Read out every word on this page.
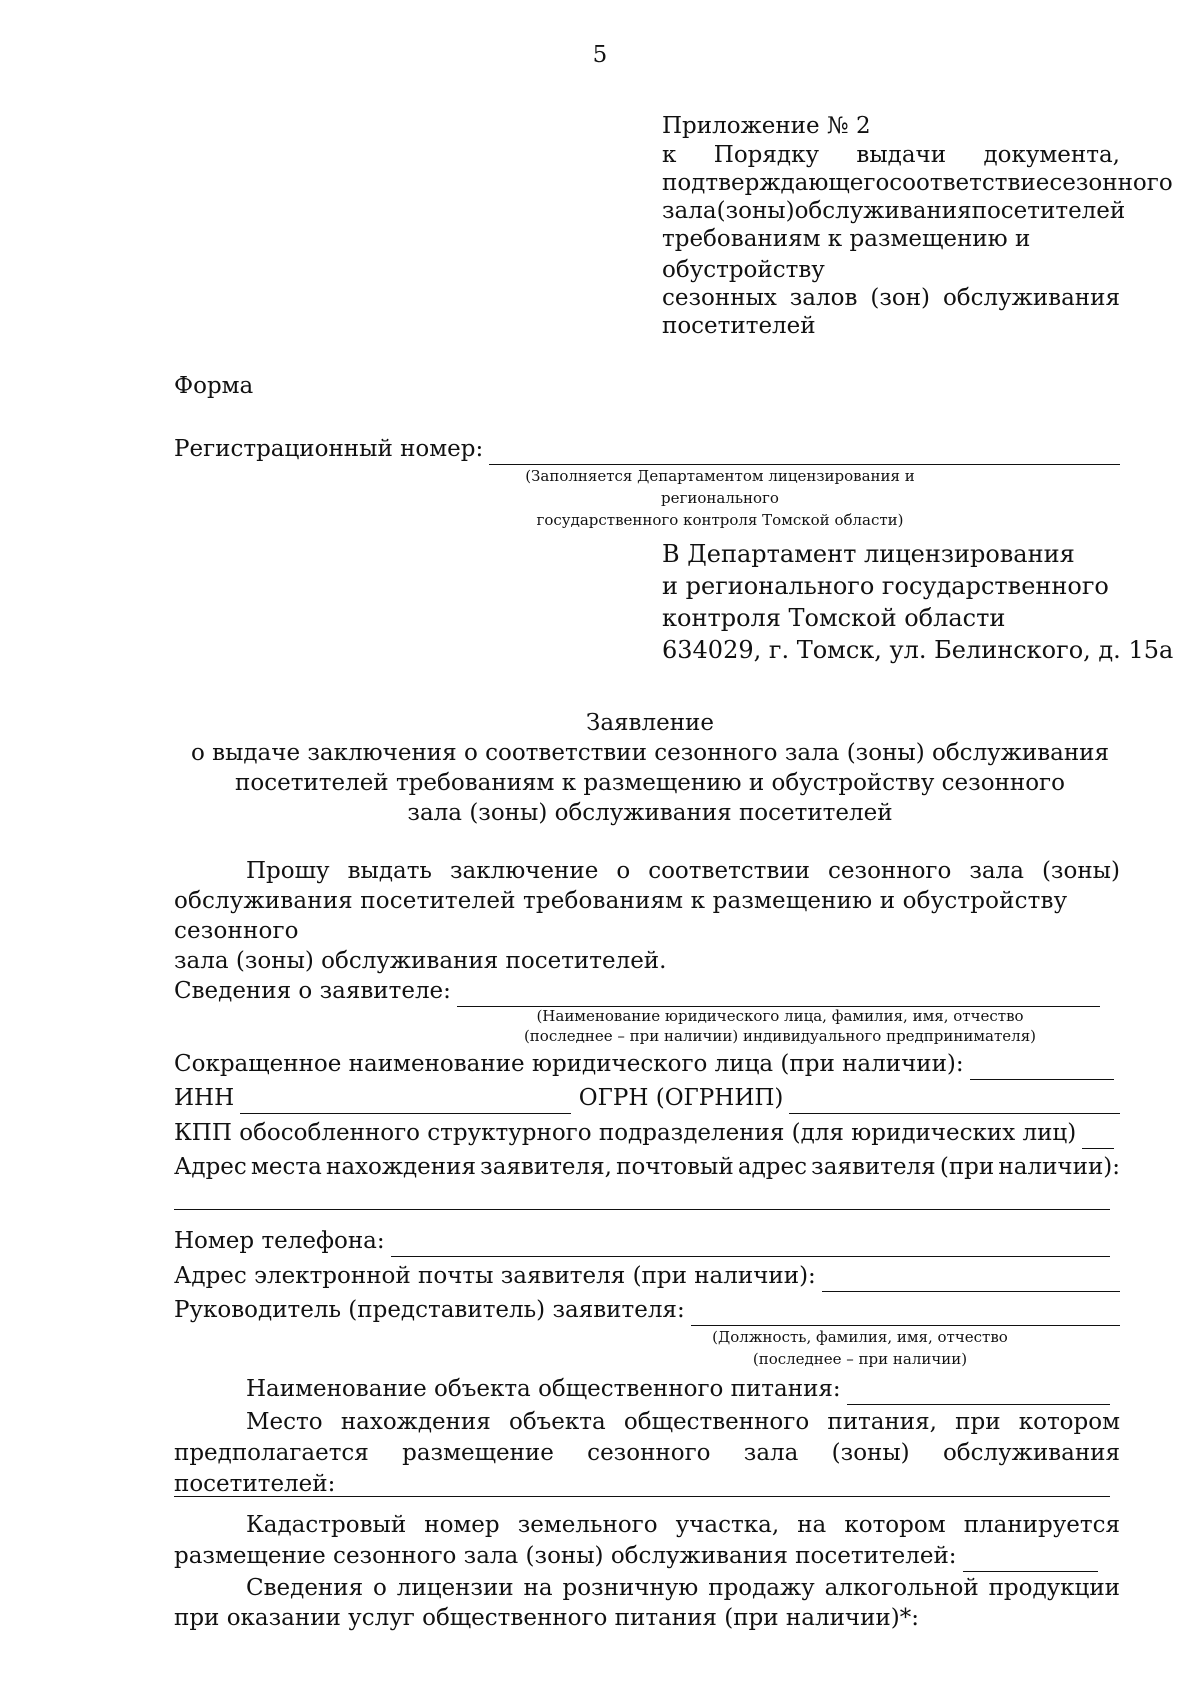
5
Приложение № 2
к Порядку выдачи документа,
подтверждающего соответствие сезонного
зала (зоны) обслуживания посетителей
требованиям к размещению и обустройству
сезонных залов (зон) обслуживания
посетителей
Форма
Регистрационный номер:
(Заполняется Департаментом лицензирования и регионального
государственного контроля Томской области)
В Департамент лицензирования
и регионального государственного
контроля Томской области
634029, г. Томск, ул. Белинского, д. 15а
Заявление
о выдаче заключения о соответствии сезонного зала (зоны) обслуживания
посетителей требованиям к размещению и обустройству сезонного
зала (зоны) обслуживания посетителей
Прошу выдать заключение о соответствии сезонного зала (зоны)
обслуживания посетителей требованиям к размещению и обустройству сезонного
зала (зоны) обслуживания посетителей.
Сведения о заявителе:
(Наименование юридического лица, фамилия, имя, отчество
(последнее – при наличии) индивидуального предпринимателя)
Сокращенное наименование юридического лица (при наличии):
ИНН	ОГРН (ОГРНИП)
КПП обособленного структурного подразделения (для юридических лиц)
Адрес места нахождения заявителя, почтовый адрес заявителя (при наличии):
Номер телефона:
Адрес электронной почты заявителя (при наличии):
Руководитель (представитель) заявителя:
(Должность, фамилия, имя, отчество
(последнее – при наличии)
Наименование объекта общественного питания:
Место нахождения объекта общественного питания, при котором
предполагается размещение сезонного зала (зоны) обслуживания посетителей:
Кадастровый номер земельного участка, на котором планируется
размещение сезонного зала (зоны) обслуживания посетителей:
Сведения о лицензии на розничную продажу алкогольной продукции
при оказании услуг общественного питания (при наличии)*:
